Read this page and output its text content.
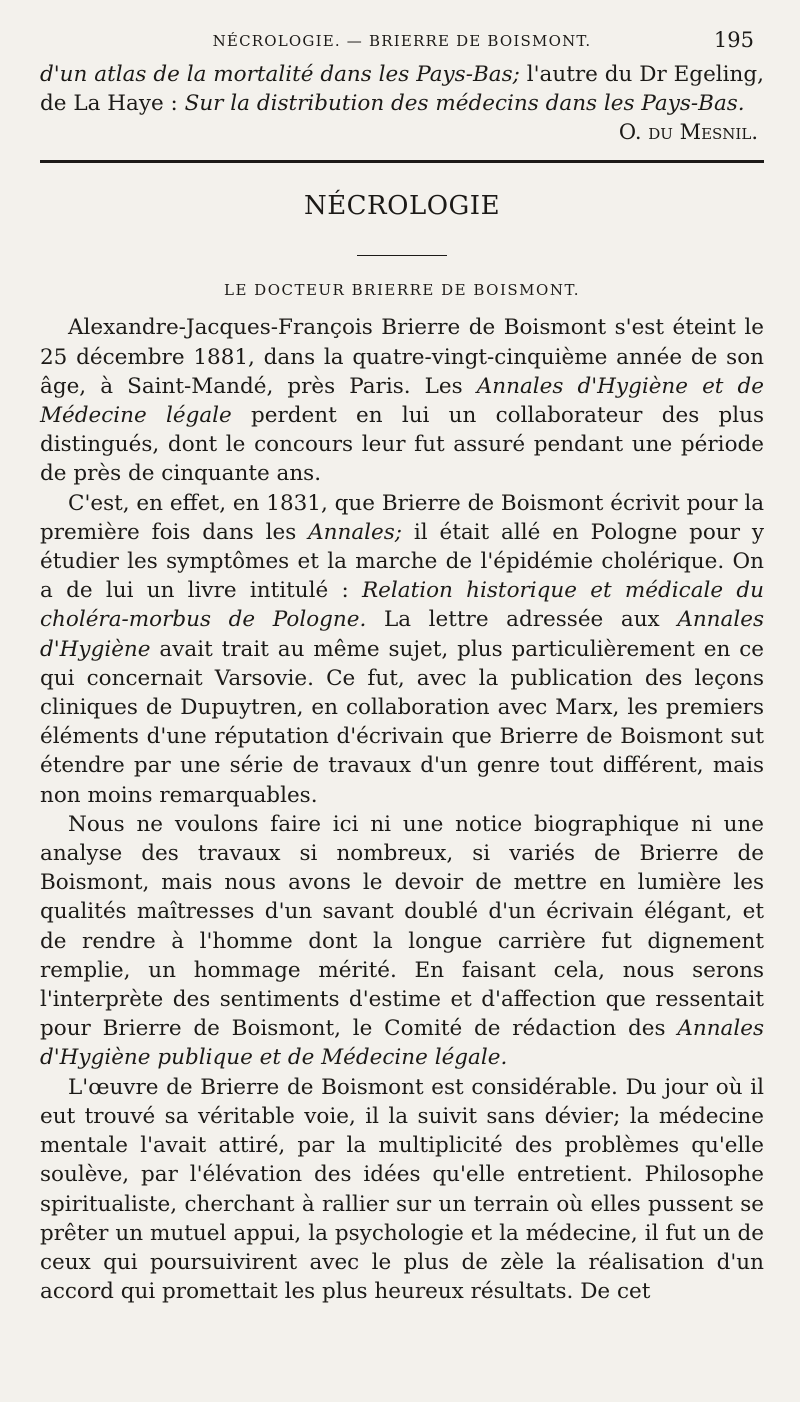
NÉCROLOGIE. — BRIERRE DE BOISMONT.	195

d'un atlas de la mortalité dans les Pays-Bas; l'autre du Dr Egeling, de La Haye : Sur la distribution des médecins dans les Pays-Bas.

O. du Mesnil.

NÉCROLOGIE
LE DOCTEUR BRIERRE DE BOISMONT.

Alexandre-Jacques-François Brierre de Boismont s'est éteint le 25 décembre 1881, dans la quatre-vingt-cinquième année de son âge, à Saint-Mandé, près Paris. Les Annales d'Hygiène et de Médecine légale perdent en lui un collaborateur des plus distingués, dont le concours leur fut assuré pendant une période de près de cinquante ans.

C'est, en effet, en 1831, que Brierre de Boismont écrivit pour la première fois dans les Annales; il était allé en Pologne pour y étudier les symptômes et la marche de l'épidémie cholérique. On a de lui un livre intitulé : Relation historique et médicale du choléra-morbus de Pologne. La lettre adressée aux Annales d'Hygiène avait trait au même sujet, plus particulièrement en ce qui concernait Varsovie. Ce fut, avec la publication des leçons cliniques de Dupuytren, en collaboration avec Marx, les premiers éléments d'une réputation d'écrivain que Brierre de Boismont sut étendre par une série de travaux d'un genre tout différent, mais non moins remarquables.

Nous ne voulons faire ici ni une notice biographique ni une analyse des travaux si nombreux, si variés de Brierre de Boismont, mais nous avons le devoir de mettre en lumière les qualités maîtresses d'un savant doublé d'un écrivain élégant, et de rendre à l'homme dont la longue carrière fut dignement remplie, un hommage mérité. En faisant cela, nous serons l'interprète des sentiments d'estime et d'affection que ressentait pour Brierre de Boismont, le Comité de rédaction des Annales d'Hygiène publique et de Médecine légale.

L'œuvre de Brierre de Boismont est considérable. Du jour où il eut trouvé sa véritable voie, il la suivit sans dévier; la médecine mentale l'avait attiré, par la multiplicité des problèmes qu'elle soulève, par l'élévation des idées qu'elle entretient. Philosophe spiritualiste, cherchant à rallier sur un terrain où elles pussent se prêter un mutuel appui, la psychologie et la médecine, il fut un de ceux qui poursuivirent avec le plus de zèle la réalisation d'un accord qui promettait les plus heureux résultats. De cet
